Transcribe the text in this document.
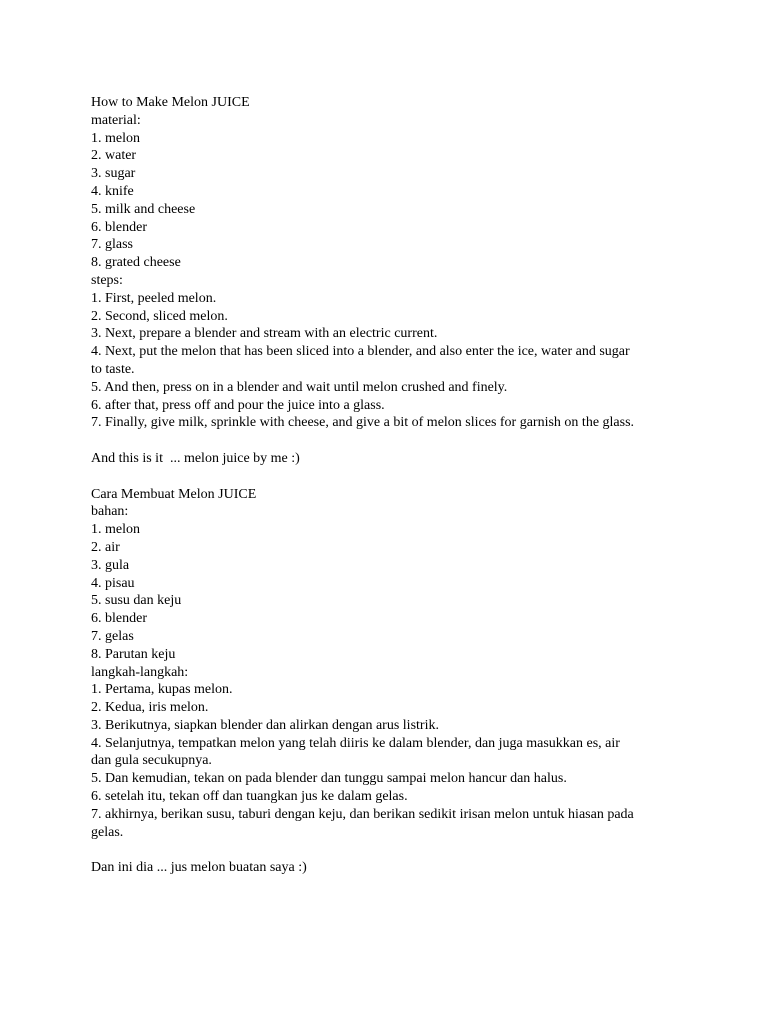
How to Make Melon JUICE
material:
1. melon
2. water
3. sugar
4. knife
5. milk and cheese
6. blender
7. glass
8. grated cheese
steps:
1. First, peeled melon.
2. Second, sliced melon.
3. Next, prepare a blender and stream with an electric current.
4. Next, put the melon that has been sliced into a blender, and also enter the ice, water and sugar
to taste.
5. And then, press on in a blender and wait until melon crushed and finely.
6. after that, press off and pour the juice into a glass.
7. Finally, give milk, sprinkle with cheese, and give a bit of melon slices for garnish on the glass.
And this is it  ... melon juice by me :)
Cara Membuat Melon JUICE
bahan:
1. melon
2. air
3. gula
4. pisau
5. susu dan keju
6. blender
7. gelas
8. Parutan keju
langkah-langkah:
1. Pertama, kupas melon.
2. Kedua, iris melon.
3. Berikutnya, siapkan blender dan alirkan dengan arus listrik.
4. Selanjutnya, tempatkan melon yang telah diiris ke dalam blender, dan juga masukkan es, air
dan gula secukupnya.
5. Dan kemudian, tekan on pada blender dan tunggu sampai melon hancur dan halus.
6. setelah itu, tekan off dan tuangkan jus ke dalam gelas.
7. akhirnya, berikan susu, taburi dengan keju, dan berikan sedikit irisan melon untuk hiasan pada
gelas.
Dan ini dia ... jus melon buatan saya :)
